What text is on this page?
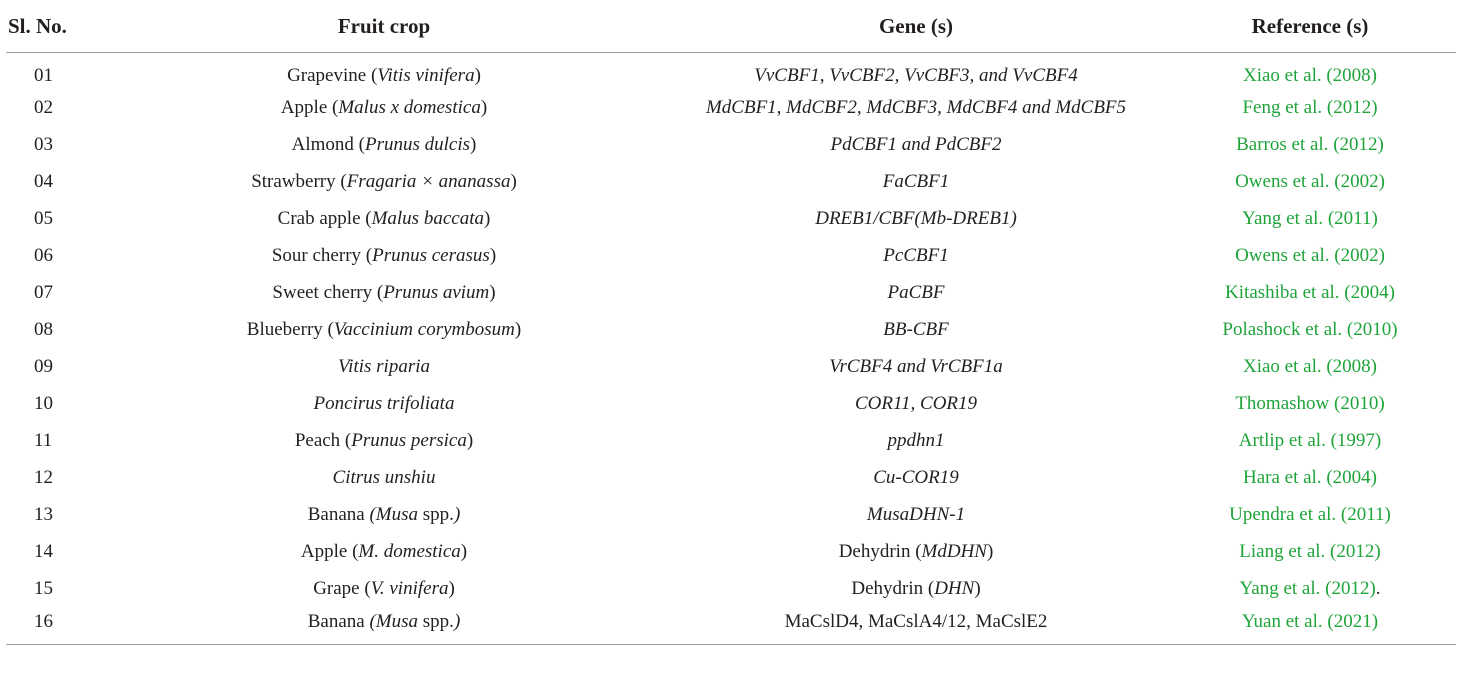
Sl. No.	Fruit crop	Gene (s)	Reference (s)
01	Grapevine (Vitis vinifera)	VvCBF1, VvCBF2, VvCBF3, and VvCBF4	Xiao et al. (2008)
02	Apple (Malus x domestica)	MdCBF1, MdCBF2, MdCBF3, MdCBF4 and MdCBF5	Feng et al. (2012)
03	Almond (Prunus dulcis)	PdCBF1 and PdCBF2	Barros et al. (2012)
04	Strawberry (Fragaria × ananassa)	FaCBF1	Owens et al. (2002)
05	Crab apple (Malus baccata)	DREB1/CBF(Mb-DREB1)	Yang et al. (2011)
06	Sour cherry (Prunus cerasus)	PcCBF1	Owens et al. (2002)
07	Sweet cherry (Prunus avium)	PaCBF	Kitashiba et al. (2004)
08	Blueberry (Vaccinium corymbosum)	BB-CBF	Polashock et al. (2010)
09	Vitis riparia	VrCBF4 and VrCBF1a	Xiao et al. (2008)
10	Poncirus trifoliata	COR11, COR19	Thomashow (2010)
11	Peach (Prunus persica)	ppdhn1	Artlip et al. (1997)
12	Citrus unshiu	Cu-COR19	Hara et al. (2004)
13	Banana (Musa spp.)	MusaDHN-1	Upendra et al. (2011)
14	Apple (M. domestica)	Dehydrin (MdDHN)	Liang et al. (2012)
15	Grape (V. vinifera)	Dehydrin (DHN)	Yang et al. (2012).
16	Banana (Musa spp.)	MaCslD4, MaCslA4/12, MaCslE2	Yuan et al. (2021)
